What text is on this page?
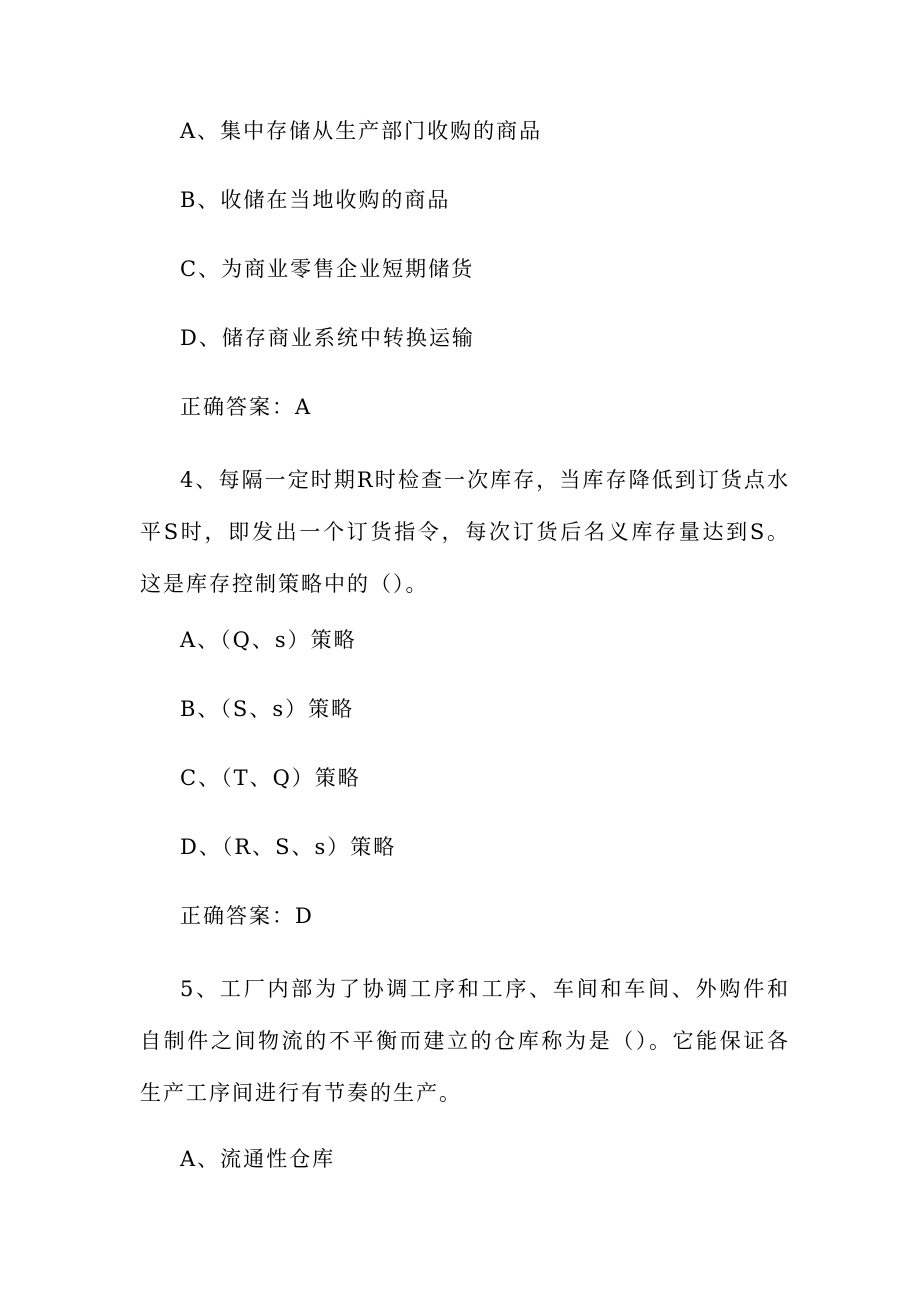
A、集中存储从生产部门收购的商品
B、收储在当地收购的商品
C、为商业零售企业短期储货
D、储存商业系统中转换运输
正确答案：A
4、每隔一定时期R时检查一次库存，当库存降低到订货点水平S时，即发出一个订货指令，每次订货后名义库存量达到S。这是库存控制策略中的（）。
A、（Q、s）策略
B、（S、s）策略
C、（T、Q）策略
D、（R、S、s）策略
正确答案：D
5、工厂内部为了协调工序和工序、车间和车间、外购件和自制件之间物流的不平衡而建立的仓库称为是（）。它能保证各生产工序间进行有节奏的生产。
A、流通性仓库
